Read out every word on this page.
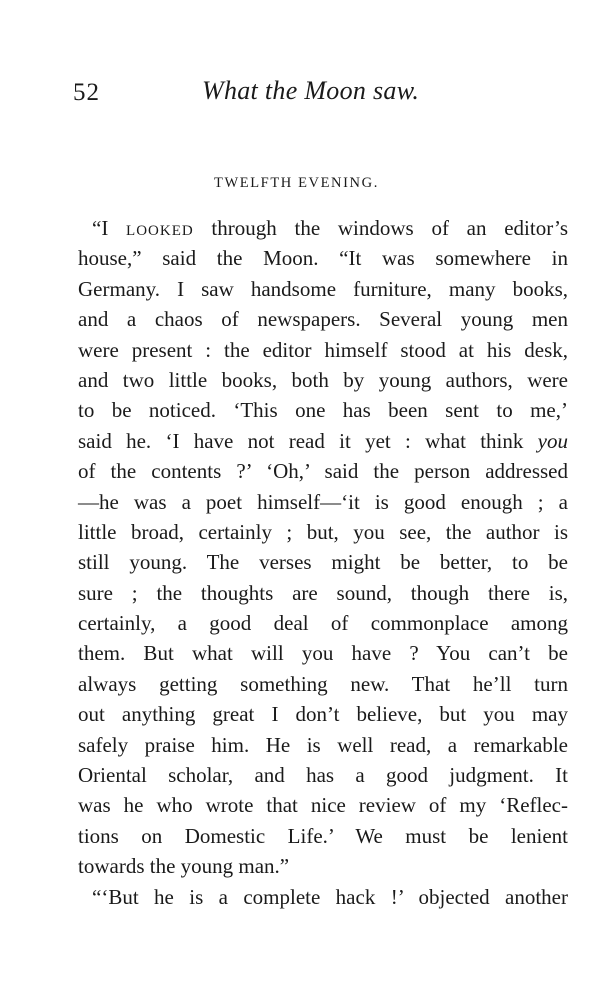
52	What the Moon saw.
TWELFTH EVENING.
“I looked through the windows of an editor’s
house,” said the Moon. “It was somewhere in
Germany. I saw handsome furniture, many books,
and a chaos of newspapers. Several young men
were present : the editor himself stood at his desk,
and two little books, both by young authors, were
to be noticed. ‘This one has been sent to me,’
said he. ‘I have not read it yet : what think you
of the contents ?’ ‘Oh,’ said the person addressed
—he was a poet himself—‘it is good enough ; a
little broad, certainly ; but, you see, the author is
still young. The verses might be better, to be
sure ; the thoughts are sound, though there is,
certainly, a good deal of commonplace among
them. But what will you have ? You can’t be
always getting something new. That he’ll turn
out anything great I don’t believe, but you may
safely praise him. He is well read, a remarkable
Oriental scholar, and has a good judgment. It
was he who wrote that nice review of my ‘Reflec-
tions on Domestic Life.’ We must be lenient
towards the young man.”
“‘But he is a complete hack !’ objected another
